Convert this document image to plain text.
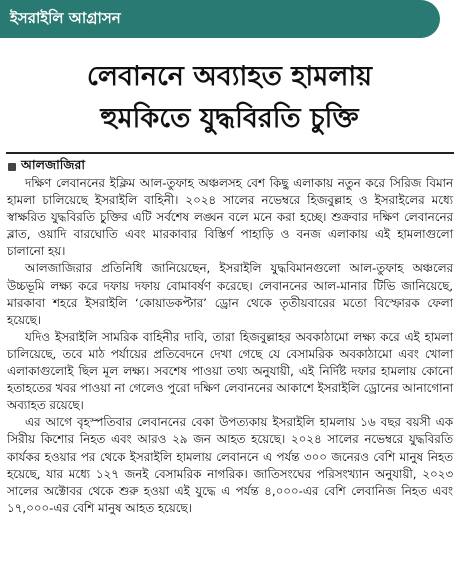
ইসরাইলি আগ্রাসন
লেবাননে অব্যাহত হামলায়
হুমকিতে যুদ্ধবিরতি চুক্তি
আলজাজিরা

দক্ষিণ লেবাননের ইক্লিম আল-তুফাহ অঞ্চলসহ বেশ কিছু এলাকায় নতুন করে সিরিজ বিমান হামলা চালিয়েছে ইসরাইলি বাহিনী। ২০২৪ সালের নভেম্বরে হিজবুল্লাহ ও ইসরাইলের মধ্যে স্বাক্ষরিত যুদ্ধবিরতি চুক্তির এটি সর্বশেষ লঙ্ঘন বলে মনে করা হচ্ছে। শুক্রবার দক্ষিণ লেবাননের ব্লাত, ওয়াদি বারঘোতি এবং মারকাবার বিস্তির্ণ পাহাড়ি ও বনজ এলাকায় এই হামলাগুলো চালানো হয়।

আলজাজিরার প্রতিনিধি জানিয়েছেন, ইসরাইলি যুদ্ধবিমানগুলো আল-তুফাহ অঞ্চলের উচ্চভূমি লক্ষ্য করে দফায় দফায় বোমাবর্ষণ করেছে। লেবাননের আল-মানার টিভি জানিয়েছে, মারকাবা শহরে ইসরাইলি ‘কোয়াডকপ্টার’ ড্রোন থেকে তৃতীয়বারের মতো বিস্ফোরক ফেলা হয়েছে।

যদিও ইসরাইলি সামরিক বাহিনীর দাবি, তারা হিজবুল্লাহর অবকাঠামো লক্ষ্য করে এই হামলা চালিয়েছে, তবে মাঠ পর্যায়ের প্রতিবেদনে দেখা গেছে যে বেসামরিক অবকাঠামো এবং খোলা এলাকাগুলোই ছিল মূল লক্ষ্য। সবশেষ পাওয়া তথ্য অনুযায়ী, এই নির্দিষ্ট দফার হামলায় কোনো হতাহতের খবর পাওয়া না গেলেও পুরো দক্ষিণ লেবাননের আকাশে ইসরাইলি ড্রোনের আনাগোনা অব্যাহত রয়েছে।

এর আগে বৃহস্পতিবার লেবাননের বেকা উপত্যকায় ইসরাইলি হামলায় ১৬ বছর বয়সী এক সিরীয় কিশোর নিহত এবং আরও ২৯ জন আহত হয়েছে। ২০২৪ সালের নভেম্বরে যুদ্ধবিরতি কার্যকর হওয়ার পর থেকে ইসরাইলি হামলায় লেবাননে এ পর্যন্ত ৩০০ জনেরও বেশি মানুষ নিহত হয়েছে, যার মধ্যে ১২৭ জনই বেসামরিক নাগরিক। জাতিসংঘের পরিসংখ্যান অনুযায়ী, ২০২৩ সালের অক্টোবর থেকে শুরু হওয়া এই যুদ্ধে এ পর্যন্ত ৪,০০০-এর বেশি লেবানিজ নিহত এবং ১৭,০০০-এর বেশি মানুষ আহত হয়েছে।
